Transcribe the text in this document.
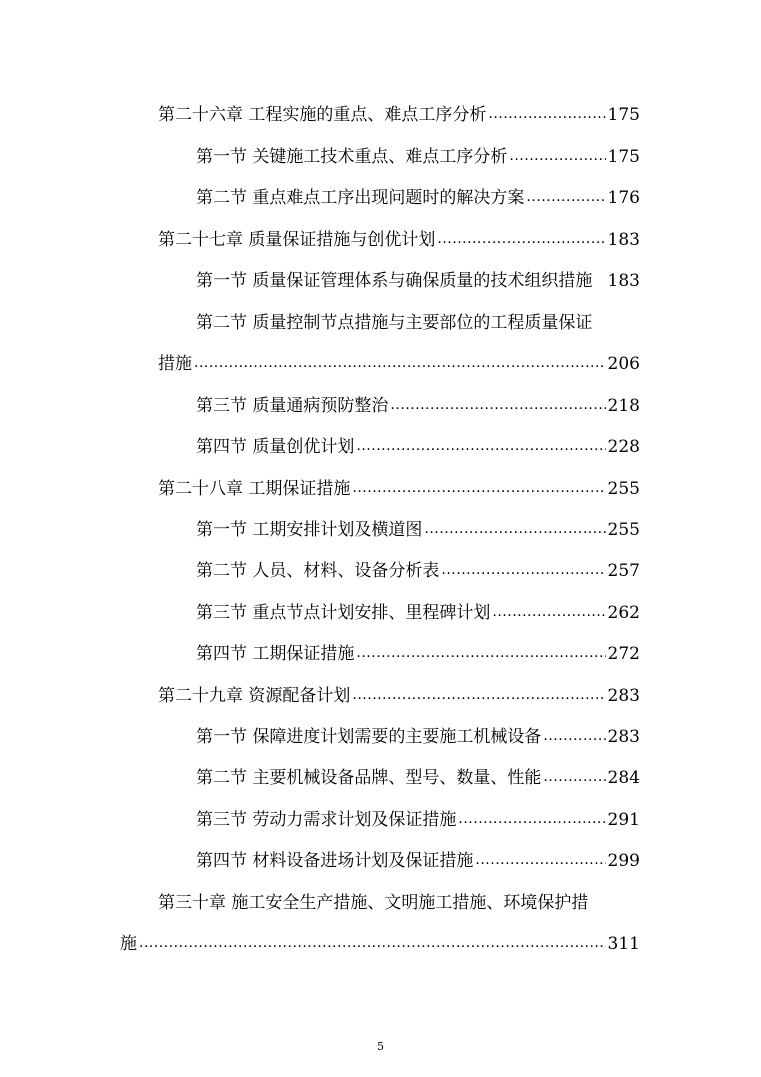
第二十六章 工程实施的重点、难点工序分析 .....	175
第一节 关键施工技术重点、难点工序分析 .....	175
第二节 重点难点工序出现问题时的解决方案 .....	176
第二十七章 质量保证措施与创优计划 .....	183
第一节 质量保证管理体系与确保质量的技术组织措施 183
第二节 质量控制节点措施与主要部位的工程质量保证
措施 .....	206
第三节 质量通病预防整治 .....	218
第四节 质量创优计划 .....	228
第二十八章 工期保证措施 .....	255
第一节 工期安排计划及横道图 .....	255
第二节 人员、材料、设备分析表 .....	257
第三节 重点节点计划安排、里程碑计划 .....	262
第四节 工期保证措施 .....	272
第二十九章 资源配备计划 .....	283
第一节 保障进度计划需要的主要施工机械设备 .....	283
第二节 主要机械设备品牌、型号、数量、性能 .....	284
第三节 劳动力需求计划及保证措施 .....	291
第四节 材料设备进场计划及保证措施 .....	299
第三十章 施工安全生产措施、文明施工措施、环境保护措
施 .....	311
5
